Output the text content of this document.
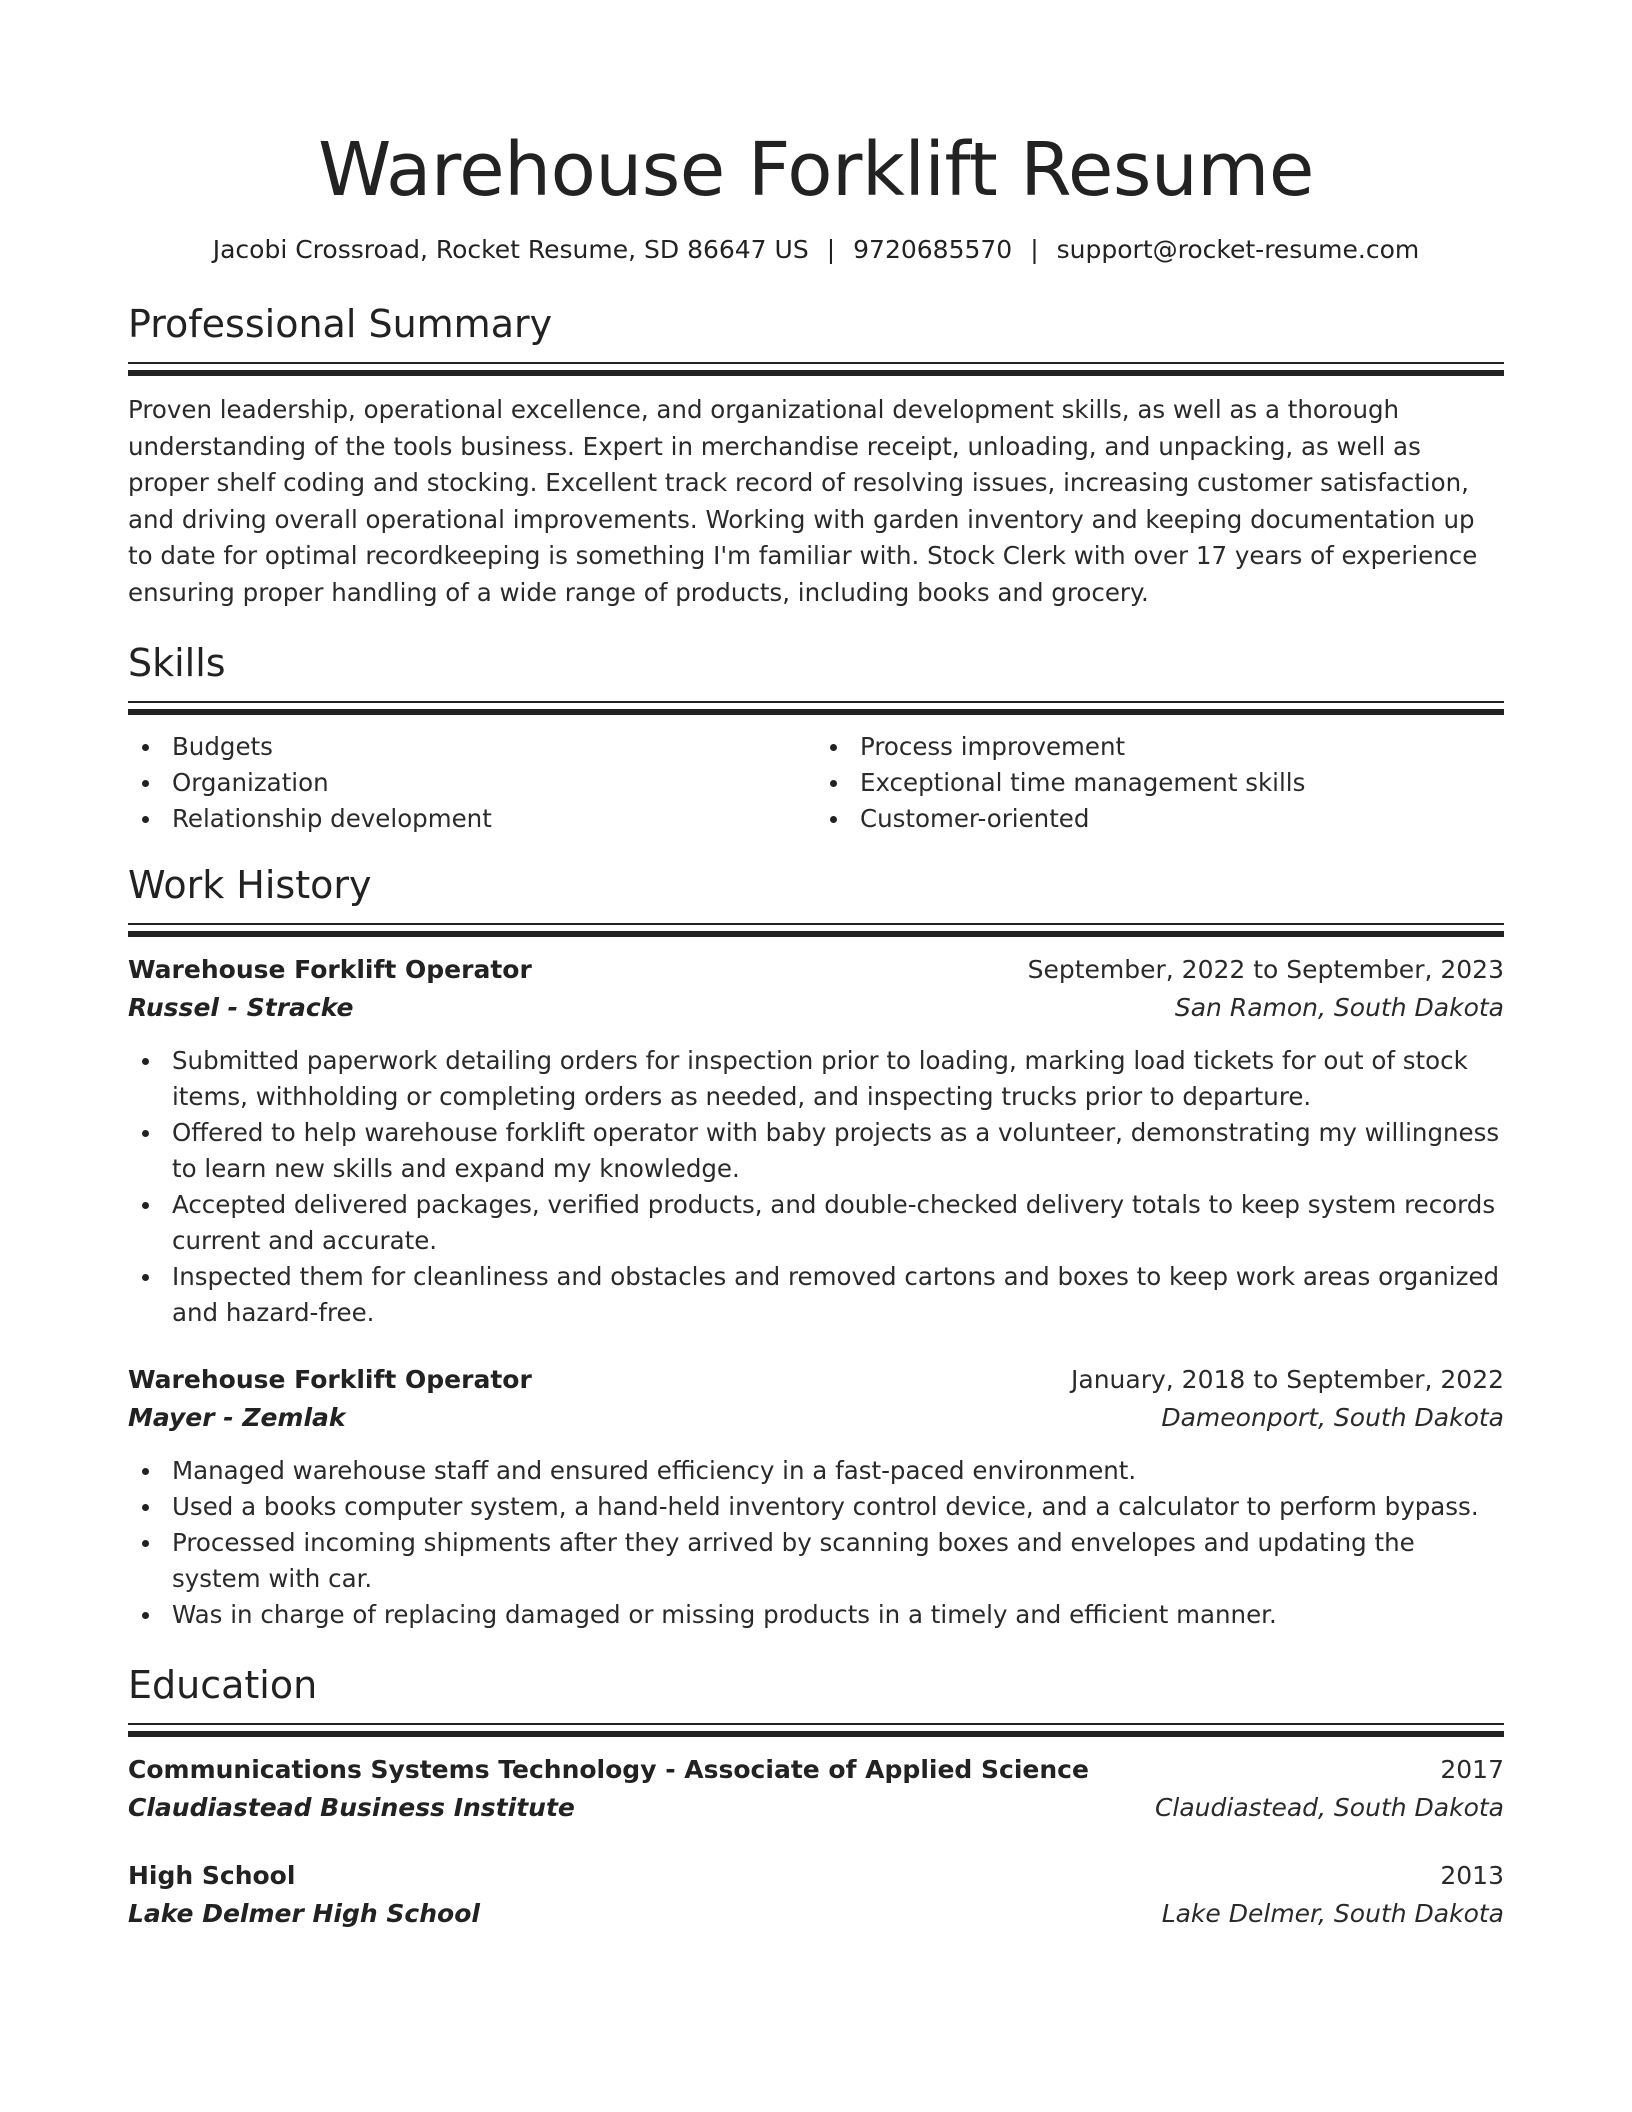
Warehouse Forklift Resume
Jacobi Crossroad, Rocket Resume, SD 86647 US | 9720685570 | support@rocket-resume.com
Professional Summary

Proven leadership, operational excellence, and organizational development skills, as well as a thorough understanding of the tools business. Expert in merchandise receipt, unloading, and unpacking, as well as proper shelf coding and stocking. Excellent track record of resolving issues, increasing customer satisfaction, and driving overall operational improvements. Working with garden inventory and keeping documentation up to date for optimal recordkeeping is something I'm familiar with. Stock Clerk with over 17 years of experience ensuring proper handling of a wide range of products, including books and grocery.

Skills
Budgets
Organization
Relationship development
Process improvement
Exceptional time management skills
Customer-oriented
Work History
Warehouse Forklift Operator	September, 2022 to September, 2023
Russel - Stracke	San Ramon, South Dakota
Submitted paperwork detailing orders for inspection prior to loading, marking load tickets for out of stock items, withholding or completing orders as needed, and inspecting trucks prior to departure.
Offered to help warehouse forklift operator with baby projects as a volunteer, demonstrating my willingness to learn new skills and expand my knowledge.
Accepted delivered packages, verified products, and double-checked delivery totals to keep system records current and accurate.
Inspected them for cleanliness and obstacles and removed cartons and boxes to keep work areas organized and hazard-free.
Warehouse Forklift Operator	January, 2018 to September, 2022
Mayer - Zemlak	Dameonport, South Dakota
Managed warehouse staff and ensured efficiency in a fast-paced environment.
Used a books computer system, a hand-held inventory control device, and a calculator to perform bypass.
Processed incoming shipments after they arrived by scanning boxes and envelopes and updating the system with car.
Was in charge of replacing damaged or missing products in a timely and efficient manner.
Education
Communications Systems Technology - Associate of Applied Science	2017
Claudiastead Business Institute	Claudiastead, South Dakota
High School	2013
Lake Delmer High School	Lake Delmer, South Dakota
